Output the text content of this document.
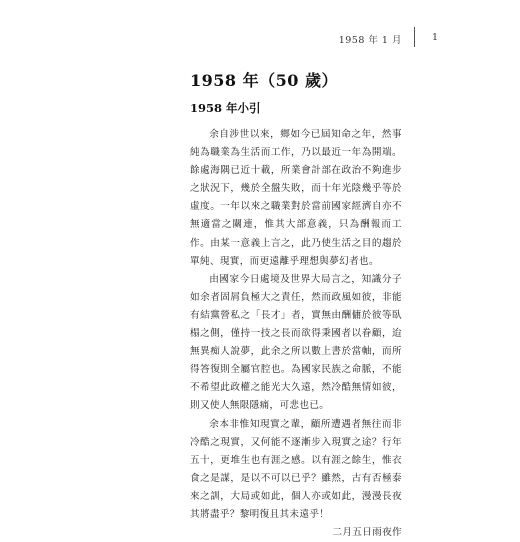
1958 年 1 月	1
1958 年（50 歲）
1958 年小引

余自涉世以來，鄉如今已屆知命之年，然事純為職業為生活而工作，乃以最近一年為開端。餘處海隅已近十載，所業會計部在政治不夠進步之狀況下，幾於全盤失敗，而十年光陰幾乎等於虛度。一年以來之職業對於當前國家經濟自亦不無適當之關連，惟其大部意義，只為酬報而工作。由某一意義上言之，此乃使生活之目的趨於單純、現實，而更遠離乎理想與夢幻者也。

由國家今日處境及世界大局言之，知識分子如余者固屑負極大之責任，然而政風如彼，非能有結黨營私之「長才」者，實無由酬傭於彼等臥榻之側，僅持一技之長而欲得秉國者以眷顧，迨無異痴人說夢，此余之所以數上書於當軸，而所得答復則全屬官腔也。為國家民族之命脈，不能不希望此政權之能光大久遠，然冷酷無情如彼，則又使人無限隱痛，可悲也已。

余本非惟知現實之輩，顧所遭遇者無往而非冷酷之現實，又何能不逐漸步入現實之途？行年五十，更堆生也有涯之感。以有涯之餘生，惟衣食之是謀，是以不可以已乎？雖然，古有否極泰來之訓，大局或如此，個人亦或如此，漫漫長夜其將盡乎？黎明復且其未遠乎！

二月五日雨夜作
